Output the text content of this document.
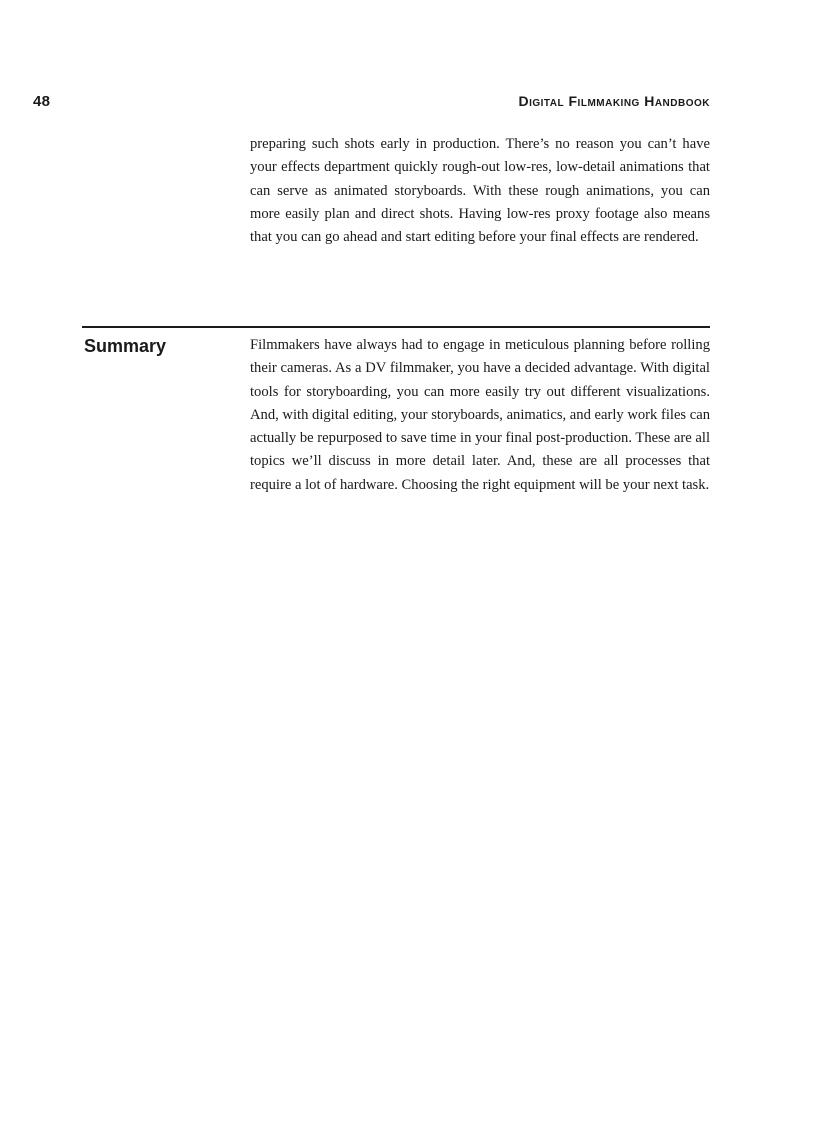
48	Digital Filmmaking Handbook

preparing such shots early in production. There’s no reason you can’t have your effects department quickly rough-out low-res, low-detail animations that can serve as animated storyboards. With these rough animations, you can more easily plan and direct shots. Having low-res proxy footage also means that you can go ahead and start editing before your final effects are rendered.

Summary	Filmmakers have always had to engage in meticulous planning before rolling their cameras. As a DV filmmaker, you have a decided advantage. With digital tools for storyboarding, you can more easily try out different visualizations. And, with digital editing, your storyboards, animatics, and early work files can actually be repurposed to save time in your final post-production. These are all topics we’ll discuss in more detail later. And, these are all processes that require a lot of hardware. Choosing the right equipment will be your next task.
